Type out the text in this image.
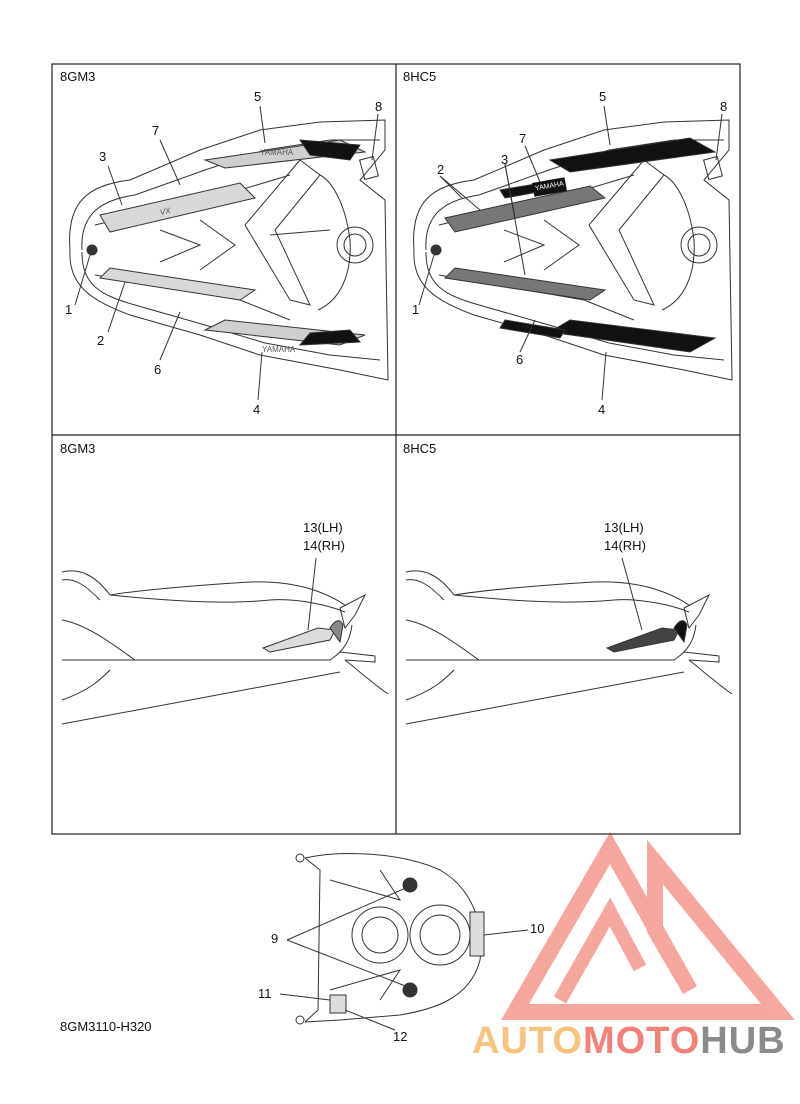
YAMAHA
YAMAHA
8GM3	8HC5
8GM3	8HC5
1
2
3
4
5
6
7
8
1
2
3
4
5
6
7
8
13(LH)
14(RH)
13(LH)
14(RH)
9
10
11
12
8GM3110-H320
YAMAHA
VX
AUTOMOTOHUB
